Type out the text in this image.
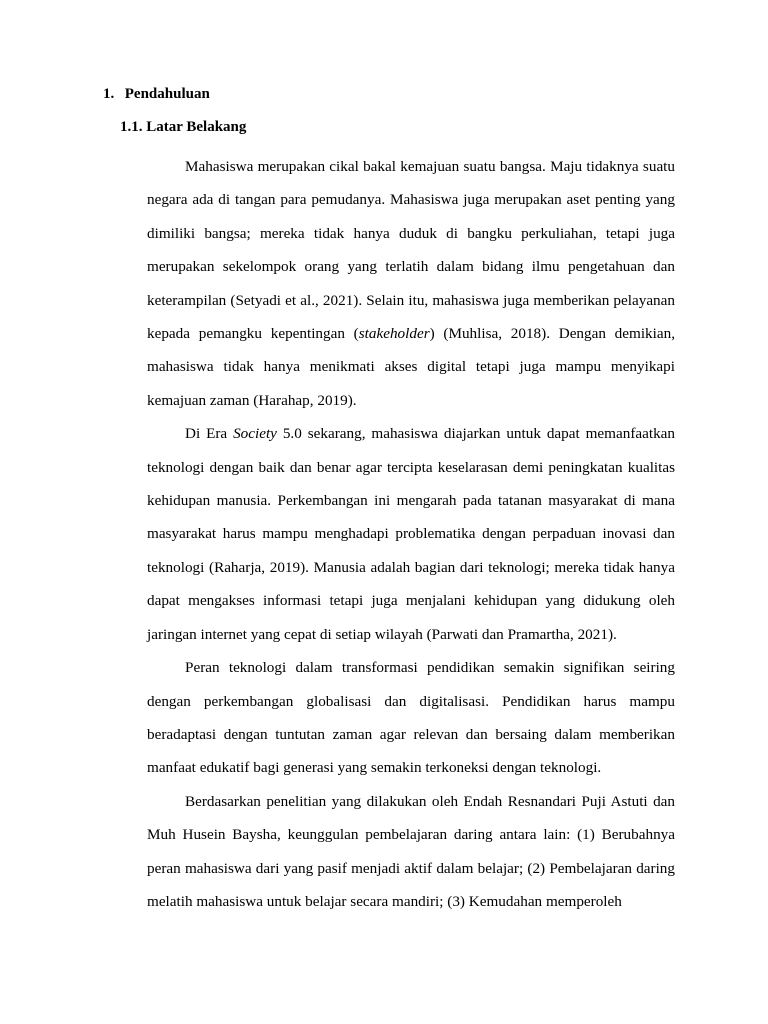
1. Pendahuluan
1.1. Latar Belakang

Mahasiswa merupakan cikal bakal kemajuan suatu bangsa. Maju tidaknya suatu negara ada di tangan para pemudanya. Mahasiswa juga merupakan aset penting yang dimiliki bangsa; mereka tidak hanya duduk di bangku perkuliahan, tetapi juga merupakan sekelompok orang yang terlatih dalam bidang ilmu pengetahuan dan keterampilan (Setyadi et al., 2021). Selain itu, mahasiswa juga memberikan pelayanan kepada pemangku kepentingan (stakeholder) (Muhlisa, 2018). Dengan demikian, mahasiswa tidak hanya menikmati akses digital tetapi juga mampu menyikapi kemajuan zaman (Harahap, 2019).

Di Era Society 5.0 sekarang, mahasiswa diajarkan untuk dapat memanfaatkan teknologi dengan baik dan benar agar tercipta keselarasan demi peningkatan kualitas kehidupan manusia. Perkembangan ini mengarah pada tatanan masyarakat di mana masyarakat harus mampu menghadapi problematika dengan perpaduan inovasi dan teknologi (Raharja, 2019). Manusia adalah bagian dari teknologi; mereka tidak hanya dapat mengakses informasi tetapi juga menjalani kehidupan yang didukung oleh jaringan internet yang cepat di setiap wilayah (Parwati dan Pramartha, 2021).

Peran teknologi dalam transformasi pendidikan semakin signifikan seiring dengan perkembangan globalisasi dan digitalisasi. Pendidikan harus mampu beradaptasi dengan tuntutan zaman agar relevan dan bersaing dalam memberikan manfaat edukatif bagi generasi yang semakin terkoneksi dengan teknologi.

Berdasarkan penelitian yang dilakukan oleh Endah Resnandari Puji Astuti dan Muh Husein Baysha, keunggulan pembelajaran daring antara lain: (1) Berubahnya peran mahasiswa dari yang pasif menjadi aktif dalam belajar; (2) Pembelajaran daring melatih mahasiswa untuk belajar secara mandiri; (3) Kemudahan memperoleh
